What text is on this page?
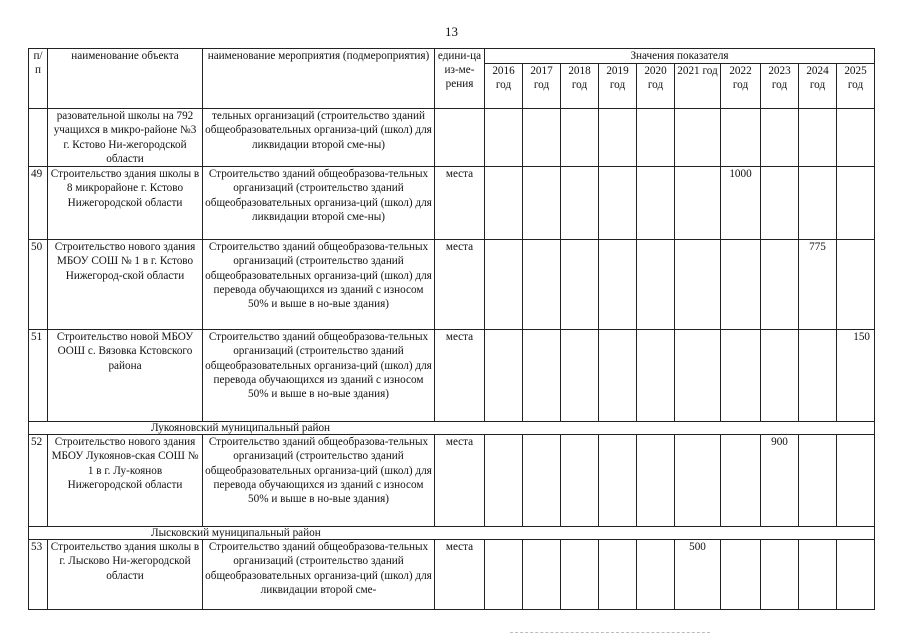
13
п/п	наименование объекта	наименование мероприятия (подмероприятия)	едини-ца из-ме-рения	Значения показателя									
				2016 год	2017 год	2018 год	2019 год	2020 год	2021 год	2022 год	2023 год	2024 год	2025 год
	разовательной школы на 792 учащихся в микро-районе №3 г. Кстово Ни-жегородской области	тельных организаций (строительство зданий общеобразовательных организа-ций (школ) для ликвидации второй сме-ны)											
49	Строительство здания школы в 8 микрорайоне г. Кстово Нижегородской области	Строительство зданий общеобразова-тельных организаций (строительство зданий общеобразовательных организа-ций (школ) для ликвидации второй сме-ны)	места							1000			
50	Строительство нового здания МБОУ СОШ № 1 в г. Кстово Нижегород-ской области	Строительство зданий общеобразова-тельных организаций (строительство зданий общеобразовательных организа-ций (школ) для перевода обучающихся из зданий с износом 50% и выше в но-вые здания)	места									775	
51	Строительство новой МБОУ ООШ с. Вязовка Кстовского района	Строительство зданий общеобразова-тельных организаций (строительство зданий общеобразовательных организа-ций (школ) для перевода обучающихся из зданий с износом 50% и выше в но-вые здания)	места										150
Лукояновский муниципальный район													
52	Строительство нового здания МБОУ Лукоянов-ская СОШ № 1 в г. Лу-коянов Нижегородской области	Строительство зданий общеобразова-тельных организаций (строительство зданий общеобразовательных организа-ций (школ) для перевода обучающихся из зданий с износом 50% и выше в но-вые здания)	места								900		
Лысковский муниципальный район													
53	Строительство здания школы в г. Лысково Ни-жегородской области	Строительство зданий общеобразова-тельных организаций (строительство зданий общеобразовательных организа-ций (школ) для ликвидации второй сме-	места						500				
